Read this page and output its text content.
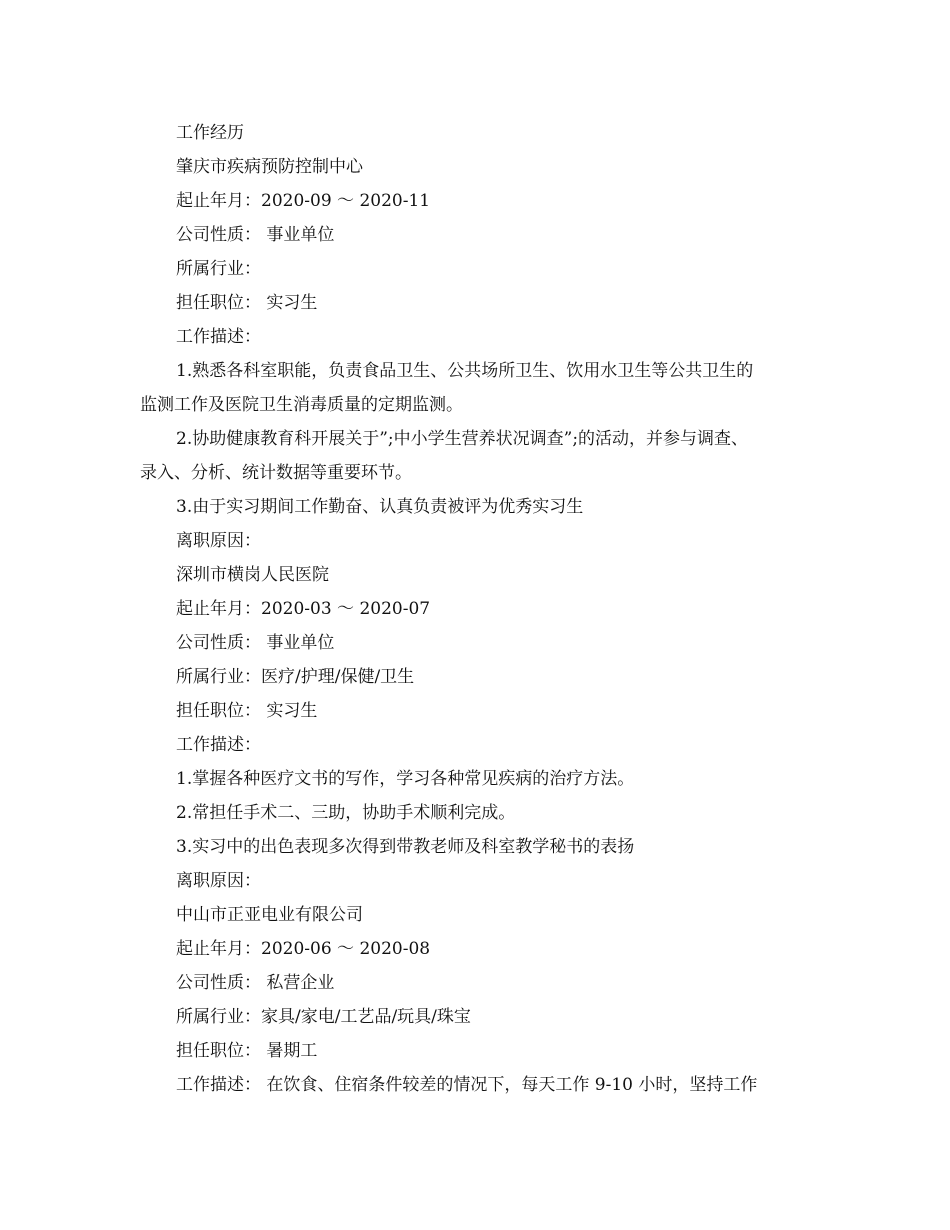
工作经历
肇庆市疾病预防控制中心
起止年月：2020-09 ～ 2020-11
公司性质： 事业单位
所属行业：
担任职位： 实习生
工作描述：
1.熟悉各科室职能，负责食品卫生、公共场所卫生、饮用水卫生等公共卫生的
监测工作及医院卫生消毒质量的定期监测。
2.协助健康教育科开展关于”;中小学生营养状况调查”;的活动，并参与调查、
录入、分析、统计数据等重要环节。
3.由于实习期间工作勤奋、认真负责被评为优秀实习生
离职原因：
深圳市横岗人民医院
起止年月：2020-03 ～ 2020-07
公司性质： 事业单位
所属行业：医疗/护理/保健/卫生
担任职位： 实习生
工作描述：
1.掌握各种医疗文书的写作，学习各种常见疾病的治疗方法。
2.常担任手术二、三助，协助手术顺利完成。
3.实习中的出色表现多次得到带教老师及科室教学秘书的表扬
离职原因：
中山市正亚电业有限公司
起止年月：2020-06 ～ 2020-08
公司性质： 私营企业
所属行业：家具/家电/工艺品/玩具/珠宝
担任职位： 暑期工
工作描述： 在饮食、住宿条件较差的情况下，每天工作 9-10 小时，坚持工作
